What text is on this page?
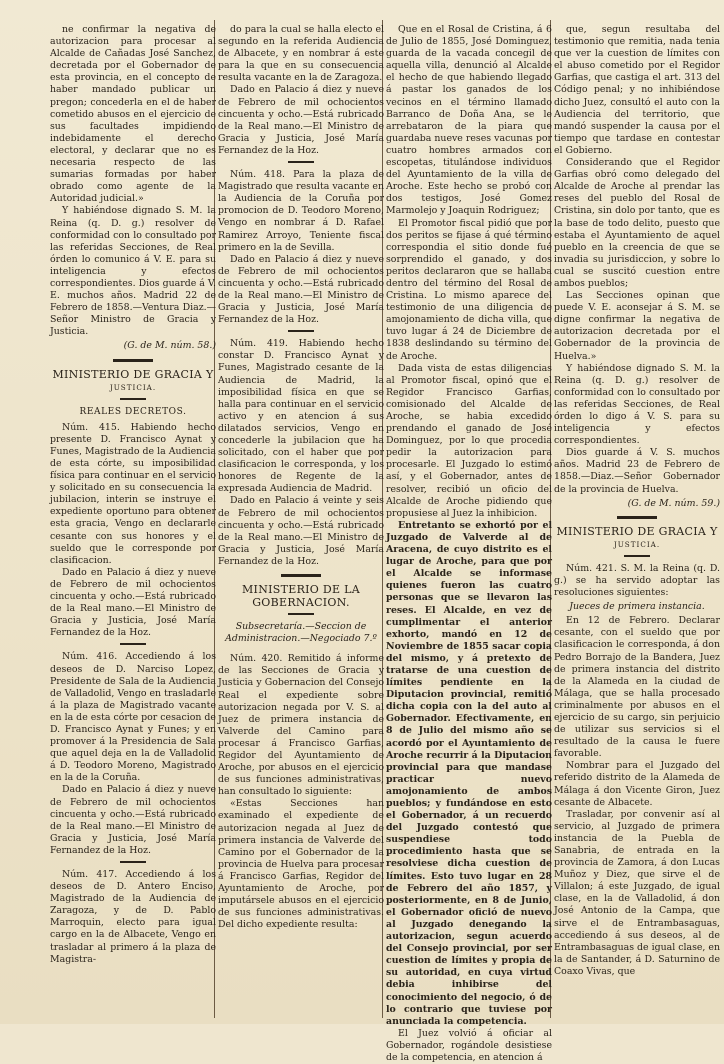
ne confirmar la negativa de autorizacion para procesar al Alcalde de Cañadas José Sanchez, decretada por el Gobernador de esta provincia, en el concepto de haber mandado publicar un pregon; concederla en el de haber cometido abusos en el ejercicio de sus facultades impidiendo indebidamente el derecho electoral, y declarar que no es necesaria respecto de las sumarias formadas por haber obrado como agente de la Autoridad judicial.»

Y habiéndose dignado S. M. la Reina (q. D. g.) resolver de conformidad con lo consultado por las referidas Secciones, de Real órden lo comunico á V. E. para su inteligencia y efectos correspondientes. Dios guarde á V. E. muchos años. Madrid 22 de Febrero de 1858.—Ventura Diaz.—Señor Ministro de Gracia y Justicia.

(G. de M. núm. 58.)

MINISTERIO DE GRACIA Y
JUSTICIA.
REALES DECRETOS.

Núm. 415. Habiendo hecho presente D. Francisco Aynat y Funes, Magistrado de la Audiencia de esta córte, su imposibilidad física para continuar en el servicio y solicitado en su consecuencia la jubilacion, interin se instruye el expediente oportuno para obtener esta gracia, Vengo en declararle cesante con sus honores y el sueldo que le corresponde por clasificacion.

Dado en Palacio á diez y nueve de Febrero de mil ochocientos cincuenta y ocho.—Está rubricado de la Real mano.—El Ministro de Gracia y Justicia, José María Fernandez de la Hoz.

Núm. 416. Accediendo á los deseos de D. Narciso Lopez, Presidente de Sala de la Audiencia de Valladolid, Vengo en trasladarle á la plaza de Magistrado vacante en la de esta córte por cesacion de D. Francisco Aynat y Funes; y en promover á la Presidencia de Sala que aquel deja en la de Valladolid á D. Teodoro Moreno, Magistrado en la de la Coruña.

Dado en Palacio á diez y nueve de Febrero de mil ochocientos cincuenta y ocho.—Está rubricado de la Real mano.—El Ministro de Gracia y Justicia, José María Fernandez de la Hoz.

Núm. 417. Accediendo á los deseos de D. Antero Enciso, Magistrado de la Audiencia de Zaragoza, y de D. Pablo Marroquin, electo para igual cargo en la de Albacete, Vengo en trasladar al primero á la plaza de Magistra-

do para la cual se halla electo el segundo en la referida Audiencia de Albacete, y en nombrar á este para la que en su consecuencia resulta vacante en la de Zaragoza.

Dado en Palacio á diez y nueve de Febrero de mil ochocientos cincuenta y ocho.—Está rubricado de la Real mano.—El Ministro de Gracia y Justicia, José María Fernandez de la Hoz.

Núm. 418. Para la plaza de Magistrado que resulta vacante en la Audiencia de la Coruña por promocion de D. Teodoro Moreno, Vengo en nombrar á D. Rafael Ramirez Arroyo, Teniente fiscal primero en la de Sevilla.

Dado en Palacio á diez y nueve de Febrero de mil ochocientos cincuenta y ocho.—Está rubricado de la Real mano.—El Ministro de Gracia y Justicia, José María Fernandez de la Hoz.

Núm. 419. Habiendo hecho constar D. Francisco Aynat y Funes, Magistrado cesante de la Audiencia de Madrid, la imposibilidad física en que se halla para continuar en el servicio activo y en atencion á sus dilatados servicios, Vengo en concederle la jubilacion que ha solicitado, con el haber que por clasificacion le corresponda, y los honores de Regente de la expresada Audiencia de Madrid.

Dado en Palacio á veinte y seis de Febrero de mil ochocientos cincuenta y ocho.—Está rubricado de la Real mano.—El Ministro de Gracia y Justicia, José María Fernandez de la Hoz.

MINISTERIO DE LA GOBERNACION.
Subsecretaría.—Seccion de Administracion.—Negociado 7.º

Núm. 420. Remitido á informe de las Secciones de Gracia y Justicia y Gobernacion del Consejo Real el expediente sobre autorizacion negada por V. S. al Juez de primera instancia de Valverde del Camino para procesar á Francisco Garfias, Regidor del Ayuntamiento de Aroche, por abusos en el ejercicio de sus funciones administrativas, han consultado lo siguiente:

«Estas Secciones han examinado el expediente de autorizacion negada al Juez de primera instancia de Valverde del Camino por el Gobernador de la provincia de Huelva para procesar á Francisco Garfias, Regidor del Ayuntamiento de Aroche, por imputársele abusos en el ejercicio de sus funciones administrativas. Del dicho expediente resulta:

Que en el Rosal de Cristina, á 6 de Julio de 1855, José Dominguez, guarda de la vacada concegil de aquella villa, denunció al Alcalde el hecho de que habiendo llegado á pastar los ganados de los vecinos en el término llamado Barranco de Doña Ana, se le arrebataron de la piara que guardaba nueve reses vacunas por cuatro hombres armados con escopetas, titulándose individuos del Ayuntamiento de la villa de Aroche. Este hecho se probó con dos testigos, José Gomez Marmolejo y Joaquin Rodriguez;

El Promotor fiscal pidió que por dos peritos se fijase á qué término correspondia el sitio donde fué sorprendido el ganado, y dos peritos declararon que se hallaba dentro del término del Rosal de Cristina. Lo mismo aparece del testimonio de una diligencia de amojonamiento de dicha villa, que tuvo lugar á 24 de Diciembre de 1838 deslindando su término del de Aroche.

Dada vista de estas diligencias al Promotor fiscal, opinó que el Regidor Francisco Garfias, comisionado del Alcalde de Aroche, se habia excedido prendando el ganado de José Dominguez, por lo que procedia pedir la autorizacion para procesarle. El Juzgado lo estimó así, y el Gobernador, antes de resolver, recibió un oficio del Alcalde de Aroche pidiendo que propusiese al Juez la inhibicion.

Entretanto se exhortó por el Juzgado de Valverde al de Aracena, de cuyo distrito es el lugar de Aroche, para que por el Alcalde se informase quienes fueron las cuatro personas que se llevaron las reses. El Alcalde, en vez de cumplimentar el anterior exhorto, mandó en 12 de Noviembre de 1855 sacar copia del mismo, y á pretexto de tratarse de una cuestion de límites pendiente en la Diputacion provincial, remitió dicha copia con la del auto al Gobernador. Efectivamente, en 8 de Julio del mismo año se acordó por el Ayuntamiento de Aroche recurrir á la Diputacion provincial para que mandase practicar nuevo amojonamiento de ambos pueblos; y fundándose en esto el Gobernador, á un recuerdo del Juzgado contestó que suspendiese todo procedimiento hasta que se resolviese dicha cuestion de límites. Esto tuvo lugar en 28 de Febrero del año 1857, y posteriormente, en 8 de Junio, el Gobernador ofició de nuevo al Juzgado denegando la autorizacion, segun acuerdo del Consejo provincial, por ser cuestion de límites y propia de su autoridad, en cuya virtud debia inhibirse del conocimiento del negocio, ó de lo contrario que tuviese por anunciada la competencia.

El Juez volvió á oficiar al Gobernador, rogándole desistiese de la competencia, en atencion á

que, segun resultaba del testimonio que remitia, nada tenia que ver la cuestion de límites con el abuso cometido por el Regidor Garfias, que castiga el art. 313 del Código penal; y no inhibiéndose dicho Juez, consultó el auto con la Audiencia del territorio, que mandó suspender la causa por el tiempo que tardase en contestar el Gobierno.

Considerando que el Regidor Garfias obró como delegado del Alcalde de Aroche al prendar las reses del pueblo del Rosal de Cristina, sin dolo por tanto, que es la base de todo delito, puesto que estaba el Ayuntamiento de aquel pueblo en la creencia de que se invadia su jurisdiccion, y sobre lo cual se suscitó cuestion entre ambos pueblos;

Las Secciones opinan que puede V. E. aconsejar á S. M. se digne confirmar la negativa de autorizacion decretada por el Gobernador de la provincia de Huelva.»

Y habiéndose dignado S. M. la Reina (q. D. g.) resolver de conformidad con lo consultado por las referidas Secciones, de Real órden lo digo á V. S. para su inteligencia y efectos correspondientes.

Dios guarde á V. S. muchos años. Madrid 23 de Febrero de 1858.—Diaz.—Señor Gobernador de la provincia de Huelva.

(G. de M. núm. 59.)

MINISTERIO DE GRACIA Y
JUSTICIA.

Núm. 421. S. M. la Reina (q. D. g.) se ha servido adoptar las resoluciones siguientes:

Jueces de primera instancia.

En 12 de Febrero. Declarar cesante, con el sueldo que por clasificacion le corresponda, á don Pedro Borrajo de la Bandera, Juez de primera instancia del distrito de la Alameda en la ciudad de Málaga, que se halla procesado criminalmente por abusos en el ejercicio de su cargo, sin perjuicio de utilizar sus servicios si el resultado de la causa le fuere favorable.

Nombrar para el Juzgado del referido distrito de la Alameda de Málaga á don Vicente Giron, Juez cesante de Albacete.

Trasladar, por convenir así al servicio, al Juzgado de primera instancia de la Puebla de Sanabria, de entrada en la provincia de Zamora, á don Lucas Muñoz y Diez, que sirve el de Villalon; á este Juzgado, de igual clase, en la de Valladolid, á don José Antonio de la Campa, que sirve el de Entrambasaguas, accediendo á sus deseos, al de Entrambasaguas de igual clase, en la de Santander, á D. Saturnino de Coaxo Vivas, que
